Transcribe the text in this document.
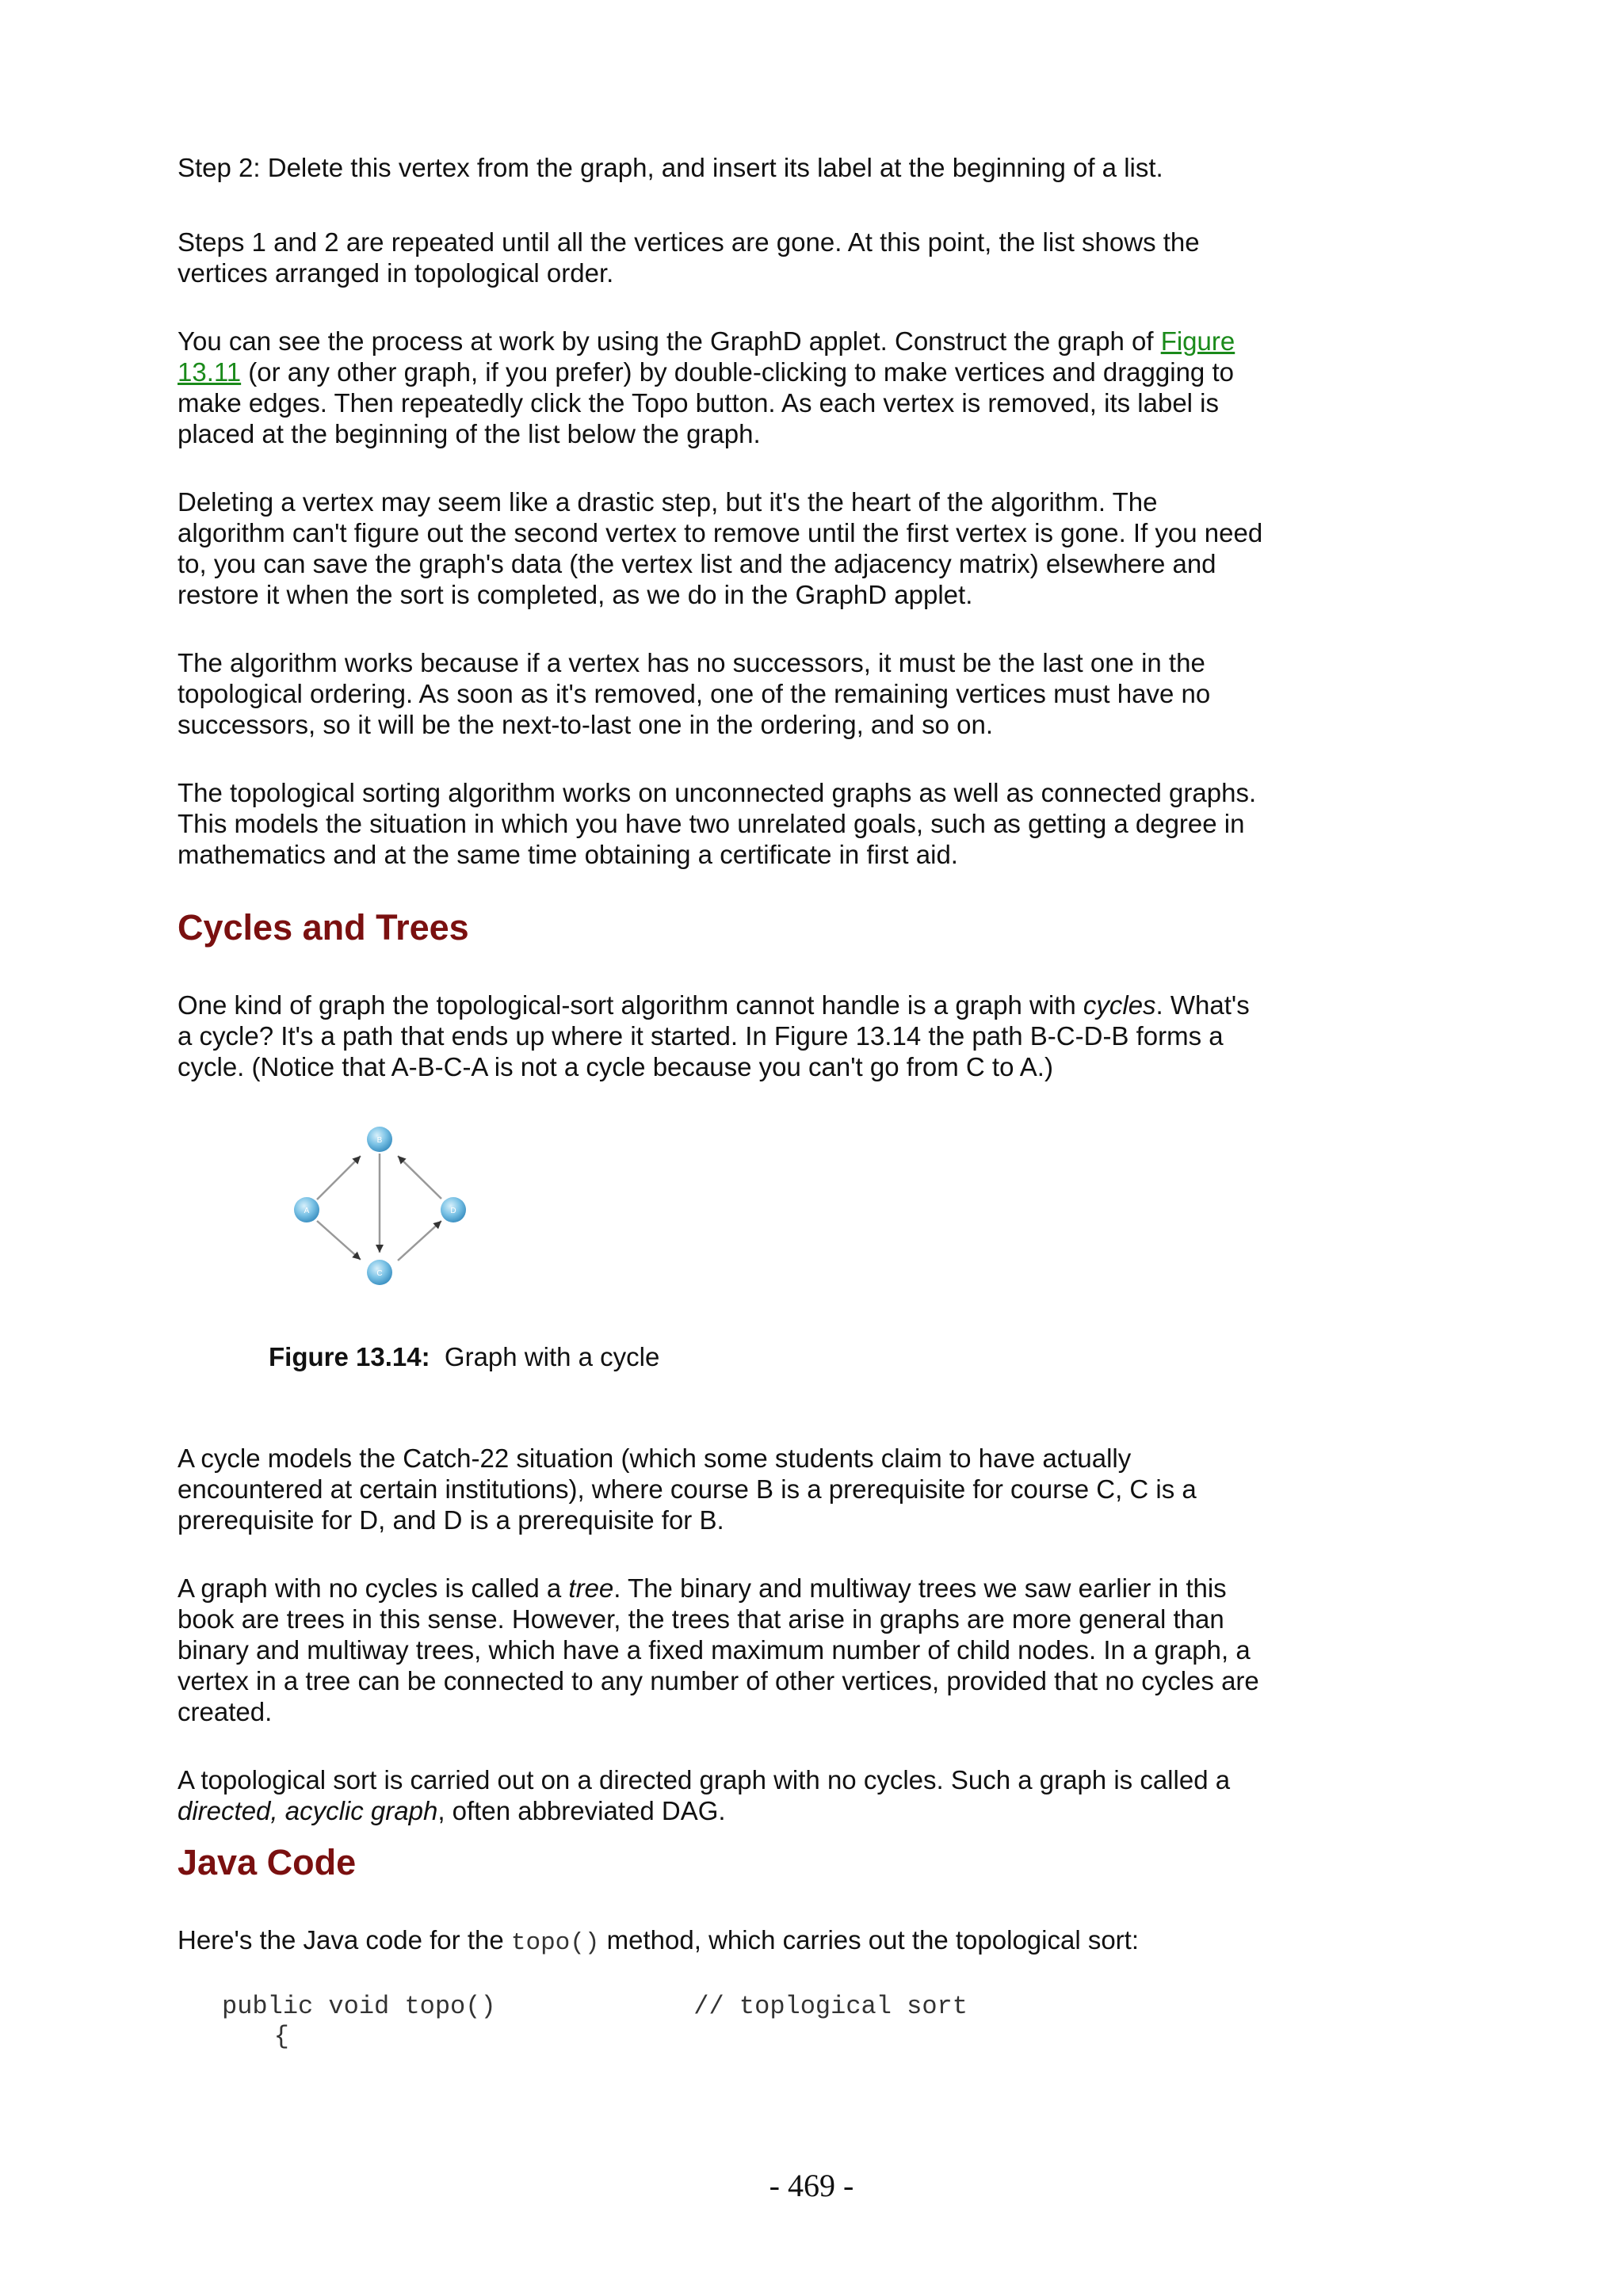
Step 2: Delete this vertex from the graph, and insert its label at the beginning of a list.

Steps 1 and 2 are repeated until all the vertices are gone. At this point, the list shows the vertices arranged in topological order.

You can see the process at work by using the GraphD applet. Construct the graph of Figure 13.11 (or any other graph, if you prefer) by double-clicking to make vertices and dragging to make edges. Then repeatedly click the Topo button. As each vertex is removed, its label is placed at the beginning of the list below the graph.

Deleting a vertex may seem like a drastic step, but it's the heart of the algorithm. The algorithm can't figure out the second vertex to remove until the first vertex is gone. If you need to, you can save the graph's data (the vertex list and the adjacency matrix) elsewhere and restore it when the sort is completed, as we do in the GraphD applet.

The algorithm works because if a vertex has no successors, it must be the last one in the topological ordering. As soon as it's removed, one of the remaining vertices must have no successors, so it will be the next-to-last one in the ordering, and so on.

The topological sorting algorithm works on unconnected graphs as well as connected graphs. This models the situation in which you have two unrelated goals, such as getting a degree in mathematics and at the same time obtaining a certificate in first aid.

Cycles and Trees

One kind of graph the topological-sort algorithm cannot handle is a graph with cycles. What's a cycle? It's a path that ends up where it started. In Figure 13.14 the path B-C-D-B forms a cycle. (Notice that A-B-C-A is not a cycle because you can't go from C to A.)

B
A	D
C
Figure 13.14: Graph with a cycle

A cycle models the Catch-22 situation (which some students claim to have actually encountered at certain institutions), where course B is a prerequisite for course C, C is a prerequisite for D, and D is a prerequisite for B.

A graph with no cycles is called a tree. The binary and multiway trees we saw earlier in this book are trees in this sense. However, the trees that arise in graphs are more general than binary and multiway trees, which have a fixed maximum number of child nodes. In a graph, a vertex in a tree can be connected to any number of other vertices, provided that no cycles are created.

A topological sort is carried out on a directed graph with no cycles. Such a graph is called a directed, acyclic graph, often abbreviated DAG.

Java Code

Here's the Java code for the topo() method, which carries out the topological sort:

public void topo()             // toplogical sort
{
- 469 -
